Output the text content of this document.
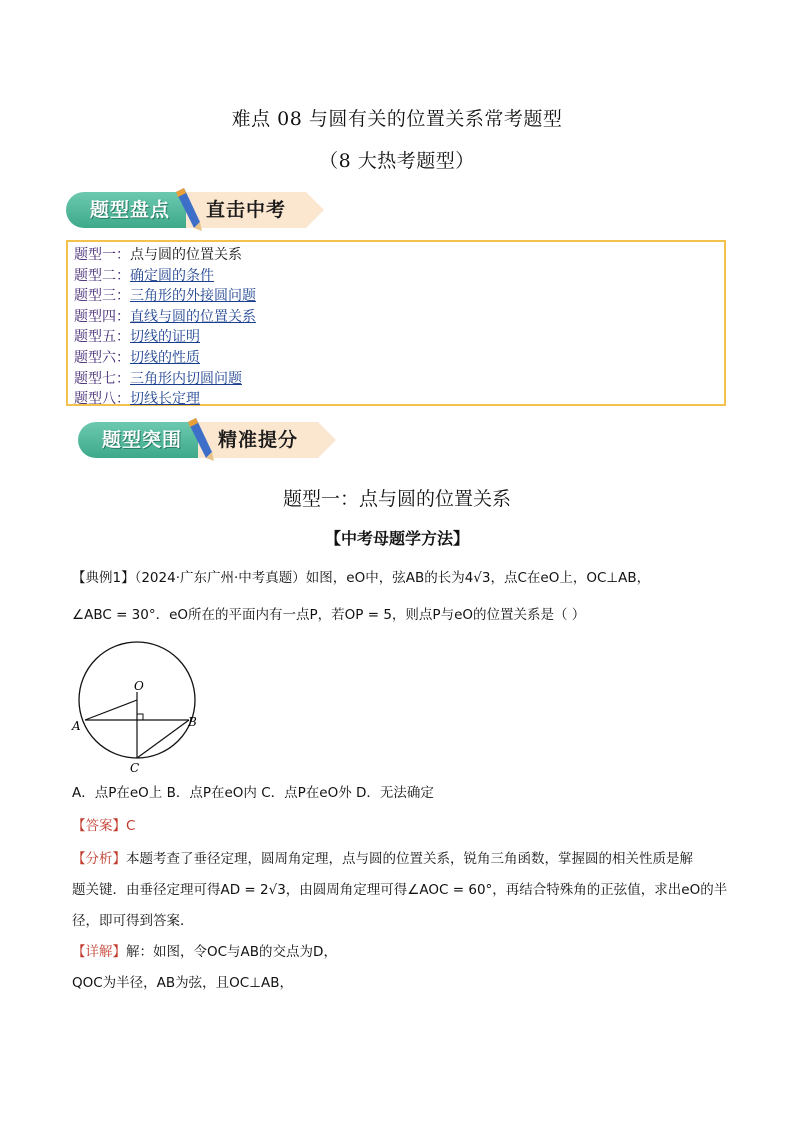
难点 08 与圆有关的位置关系常考题型
（8 大热考题型）
题型盘点	直击中考
题型一：点与圆的位置关系
题型二：确定圆的条件
题型三：三角形的外接圆问题
题型四：直线与圆的位置关系
题型五：切线的证明
题型六：切线的性质
题型七：三角形内切圆问题
题型八：切线长定理
题型突围	精准提分
题型一：点与圆的位置关系
【中考母题学方法】
【典例1】（2024·广东广州·中考真题）如图，eO中，弦AB的长为4√3，点C在eO上，OC⊥AB，
∠ABC = 30°．eO所在的平面内有一点P，若OP = 5，则点P与eO的位置关系是（ ）
O
A	B
C
A．点P在eO上 B．点P在eO内 C．点P在eO外 D．无法确定
【答案】C
【分析】本题考查了垂径定理，圆周角定理，点与圆的位置关系，锐角三角函数，掌握圆的相关性质是解
题关键．由垂径定理可得AD = 2√3，由圆周角定理可得∠AOC = 60°，再结合特殊角的正弦值，求出eO的半
径，即可得到答案．
【详解】解：如图，令OC与AB的交点为D，
QOC为半径，AB为弦，且OC⊥AB，
